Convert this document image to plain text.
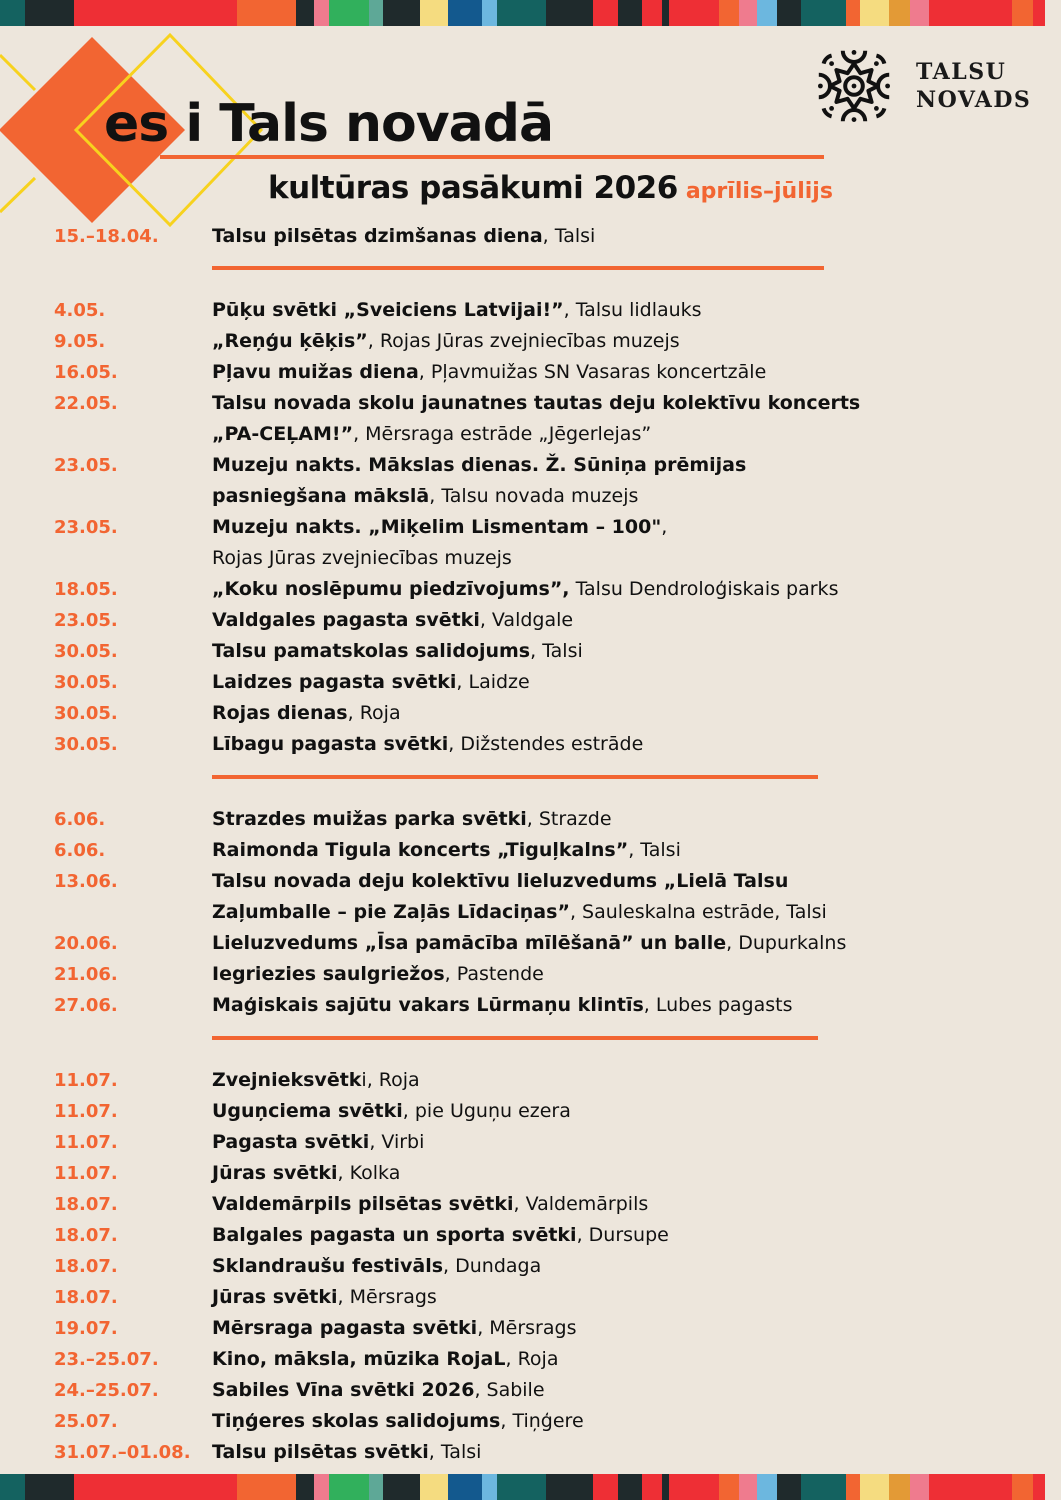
es i Tals novadā
kultūras pasākumi 2026 aprīlis–jūlijs
TALSU
NOVADS
15.–18.04.	Talsu pilsētas dzimšanas diena, Talsi
4.05.	Pūķu svētki „Sveiciens Latvijai!”, Talsu lidlauks
9.05.	„Reņģu ķēķis”, Rojas Jūras zvejniecības muzejs
16.05.	Pļavu muižas diena, Pļavmuižas SN Vasaras koncertzāle
22.05.	Talsu novada skolu jaunatnes tautas deju kolektīvu koncerts
„PA-CEĻAM!”, Mērsraga estrāde „Jēgerlejas”
23.05.	Muzeju nakts. Mākslas dienas. Ž. Sūniņa prēmijas
pasniegšana mākslā, Talsu novada muzejs
23.05.	Muzeju nakts. „Miķelim Lismentam – 100",
Rojas Jūras zvejniecības muzejs
18.05.	„Koku noslēpumu piedzīvojums”, Talsu Dendroloģiskais parks
23.05.	Valdgales pagasta svētki, Valdgale
30.05.	Talsu pamatskolas salidojums, Talsi
30.05.	Laidzes pagasta svētki, Laidze
30.05.	Rojas dienas, Roja
30.05.	Lībagu pagasta svētki, Dižstendes estrāde
6.06.	Strazdes muižas parka svētki, Strazde
6.06.	Raimonda Tigula koncerts „Tiguļkalns”, Talsi
13.06.	Talsu novada deju kolektīvu lieluzvedums „Lielā Talsu
Zaļumballe – pie Zaļās Līdaciņas”, Sauleskalna estrāde, Talsi
20.06.	Lieluzvedums „Īsa pamācība mīlēšanā” un balle, Dupurkalns
21.06.	Iegriezies saulgriežos, Pastende
27.06.	Maģiskais sajūtu vakars Lūrmaņu klintīs, Lubes pagasts
11.07.	Zvejnieksvētki, Roja
11.07.	Uguņciema svētki, pie Uguņu ezera
11.07.	Pagasta svētki, Virbi
11.07.	Jūras svētki, Kolka
18.07.	Valdemārpils pilsētas svētki, Valdemārpils
18.07.	Balgales pagasta un sporta svētki, Dursupe
18.07.	Sklandraušu festivāls, Dundaga
18.07.	Jūras svētki, Mērsrags
19.07.	Mērsraga pagasta svētki, Mērsrags
23.–25.07.	Kino, māksla, mūzika RojaL, Roja
24.–25.07.	Sabiles Vīna svētki 2026, Sabile
25.07.	Tiņģeres skolas salidojums, Tiņģere
31.07.–01.08.	Talsu pilsētas svētki, Talsi
